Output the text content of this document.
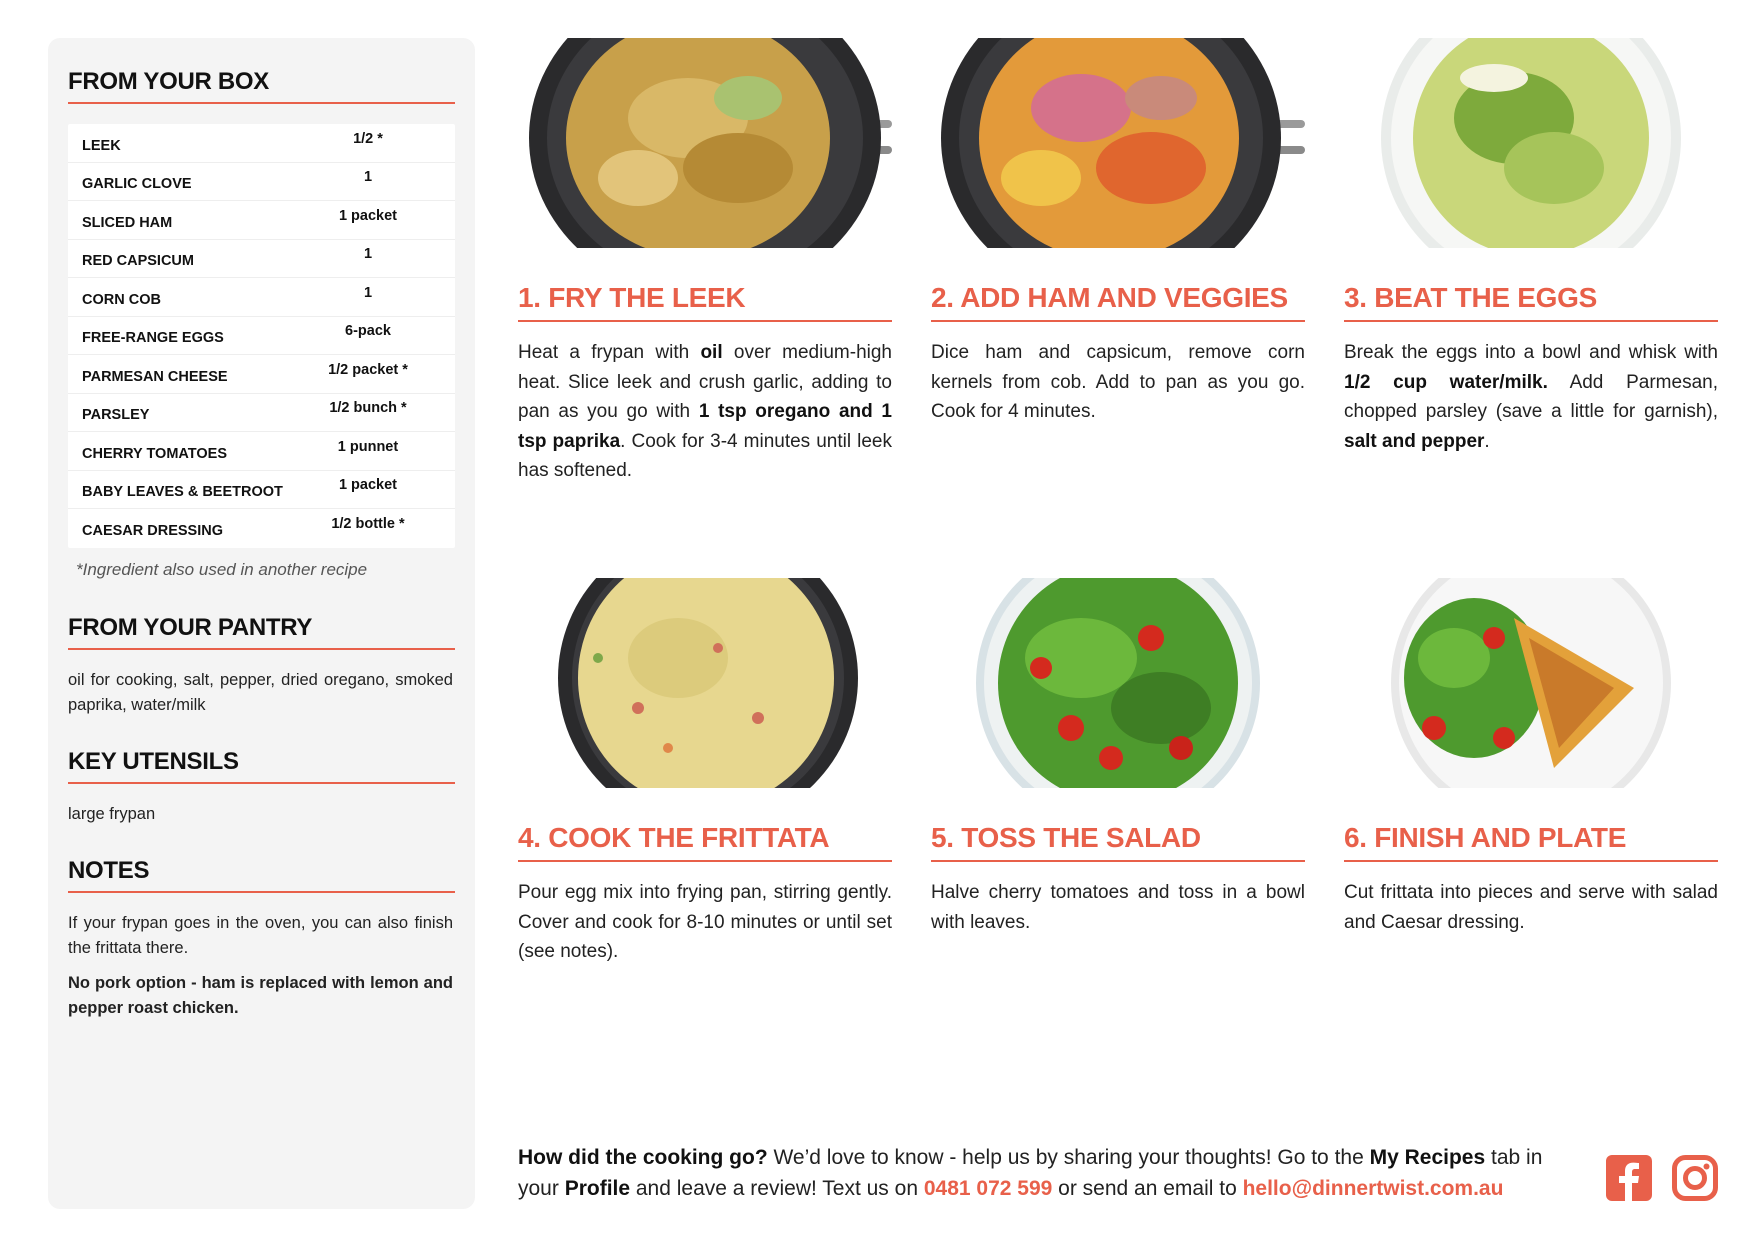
FROM YOUR BOX
LEEK	1/2 *
GARLIC CLOVE	1
SLICED HAM	1 packet
RED CAPSICUM	1
CORN COB	1
FREE-RANGE EGGS	6-pack
PARMESAN CHEESE	1/2 packet *
PARSLEY	1/2 bunch *
CHERRY TOMATOES	1 punnet
BABY LEAVES & BEETROOT	1 packet
CAESAR DRESSING	1/2 bottle *
*Ingredient also used in another recipe
FROM YOUR PANTRY
oil for cooking, salt, pepper, dried oregano, smoked paprika, water/milk
KEY UTENSILS
large frypan
NOTES
If your frypan goes in the oven, you can also finish the frittata there.
No pork option - ham is replaced with lemon and pepper roast chicken.
1. FRY THE LEEK
Heat a frypan with oil over medium-high heat. Slice leek and crush garlic, adding to pan as you go with 1 tsp oregano and 1 tsp paprika. Cook for 3-4 minutes until leek has softened.
2. ADD HAM AND VEGGIES
Dice ham and capsicum, remove corn kernels from cob. Add to pan as you go. Cook for 4 minutes.
3. BEAT THE EGGS
Break the eggs into a bowl and whisk with 1/2 cup water/milk. Add Parmesan, chopped parsley (save a little for garnish), salt and pepper.
4. COOK THE FRITTATA
Pour egg mix into frying pan, stirring gently. Cover and cook for 8-10 minutes or until set (see notes).
5. TOSS THE SALAD
Halve cherry tomatoes and toss in a bowl with leaves.
6. FINISH AND PLATE
Cut frittata into pieces and serve with salad and Caesar dressing.
How did the cooking go? We’d love to know - help us by sharing your thoughts! Go to the My Recipes tab in your Profile and leave a review! Text us on 0481 072 599 or send an email to hello@dinnertwist.com.au
